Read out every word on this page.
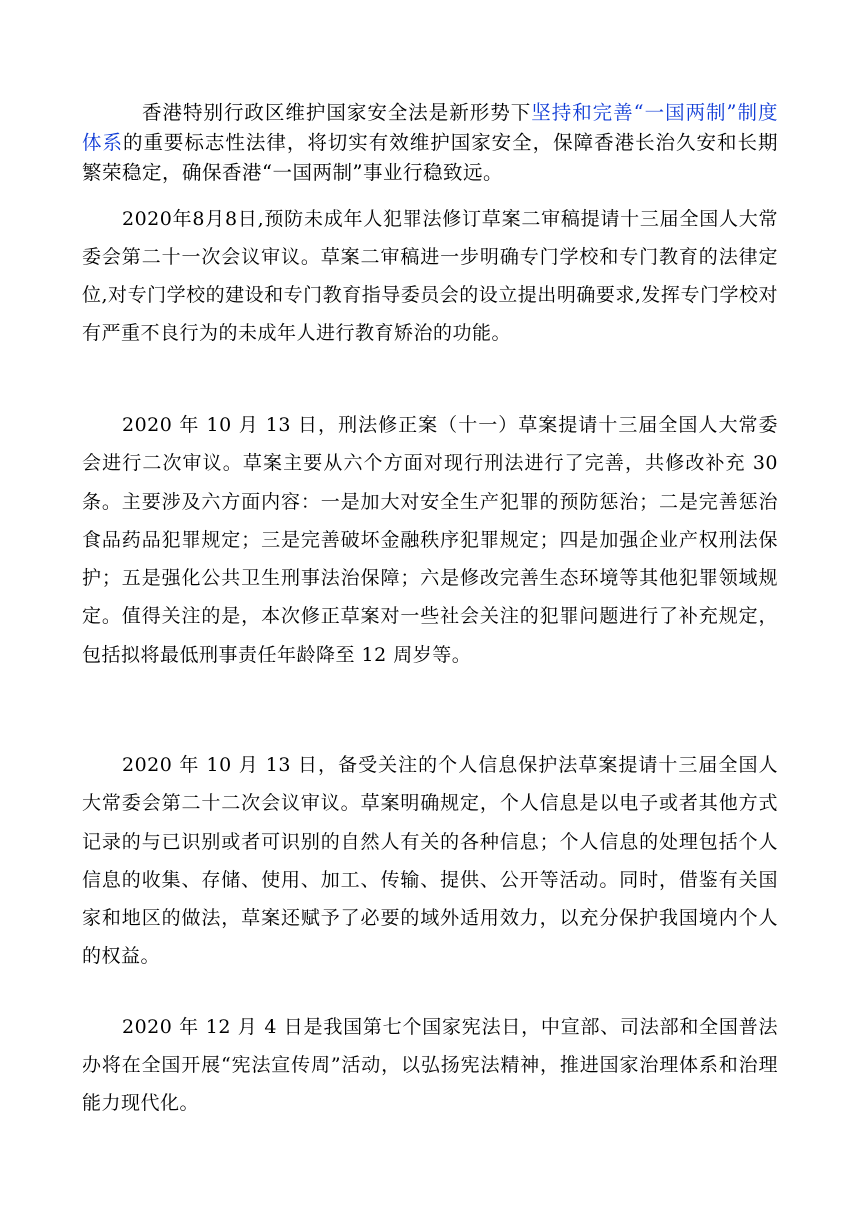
香港特别行政区维护国家安全法是新形势下坚持和完善“一国两制”制度体系的重要标志性法律，将切实有效维护国家安全，保障香港长治久安和长期繁荣稳定，确保香港“一国两制”事业行稳致远。

2020年8月8日,预防未成年人犯罪法修订草案二审稿提请十三届全国人大常委会第二十一次会议审议。草案二审稿进一步明确专门学校和专门教育的法律定位,对专门学校的建设和专门教育指导委员会的设立提出明确要求,发挥专门学校对有严重不良行为的未成年人进行教育矫治的功能。

2020 年 10 月 13 日，刑法修正案（十一）草案提请十三届全国人大常委会进行二次审议。草案主要从六个方面对现行刑法进行了完善，共修改补充 30 条。主要涉及六方面内容：一是加大对安全生产犯罪的预防惩治；二是完善惩治食品药品犯罪规定；三是完善破坏金融秩序犯罪规定；四是加强企业产权刑法保护；五是强化公共卫生刑事法治保障；六是修改完善生态环境等其他犯罪领域规定。值得关注的是，本次修正草案对一些社会关注的犯罪问题进行了补充规定，包括拟将最低刑事责任年龄降至 12 周岁等。

2020 年 10 月 13 日，备受关注的个人信息保护法草案提请十三届全国人大常委会第二十二次会议审议。草案明确规定，个人信息是以电子或者其他方式记录的与已识别或者可识别的自然人有关的各种信息；个人信息的处理包括个人信息的收集、存储、使用、加工、传输、提供、公开等活动。同时，借鉴有关国家和地区的做法，草案还赋予了必要的域外适用效力，以充分保护我国境内个人的权益。

2020 年 12 月 4 日是我国第七个国家宪法日，中宣部、司法部和全国普法办将在全国开展“宪法宣传周”活动，以弘扬宪法精神，推进国家治理体系和治理能力现代化。
